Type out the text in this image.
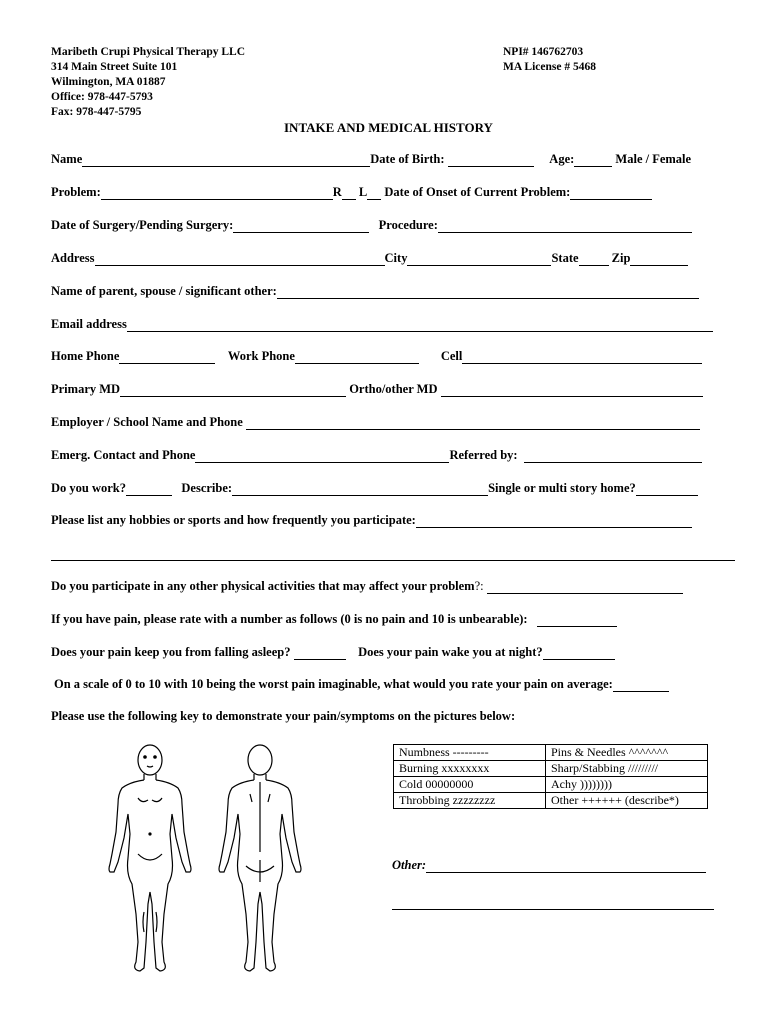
Maribeth Crupi Physical Therapy LLC
314 Main Street Suite 101
Wilmington, MA 01887
Office: 978-447-5793
Fax: 978-447-5795
NPI# 146762703
MA License # 5468
INTAKE AND MEDICAL HISTORY
Name	Date of Birth:	Age:	Male / Female
Problem:	R L Date of Onset of Current Problem:
Date of Surgery/Pending Surgery:	Procedure:
Address	City	State	Zip
Name of parent, spouse / significant other:
Email address
Home Phone	Work Phone	Cell
Primary MD	Ortho/other MD
Employer / School Name and Phone
Emerg. Contact and Phone	Referred by:
Do you work?	Describe:	Single or multi story home?
Please list any hobbies or sports and how frequently you participate:
Do you participate in any other physical activities that may affect your problem?:
If you have pain, please rate with a number as follows (0 is no pain and 10 is unbearable):
Does your pain keep you from falling asleep?	Does your pain wake you at night?
On a scale of 0 to 10 with 10 being the worst pain imaginable, what would you rate your pain on average:
Please use the following key to demonstrate your pain/symptoms on the pictures below:
Numbness ---------	Pins & Needles ^^^^^^^
Burning xxxxxxxx	Sharp/Stabbing /////////
Cold 00000000	Achy ))))))))
Throbbing zzzzzzzz	Other ++++++ (describe*)
Other:
